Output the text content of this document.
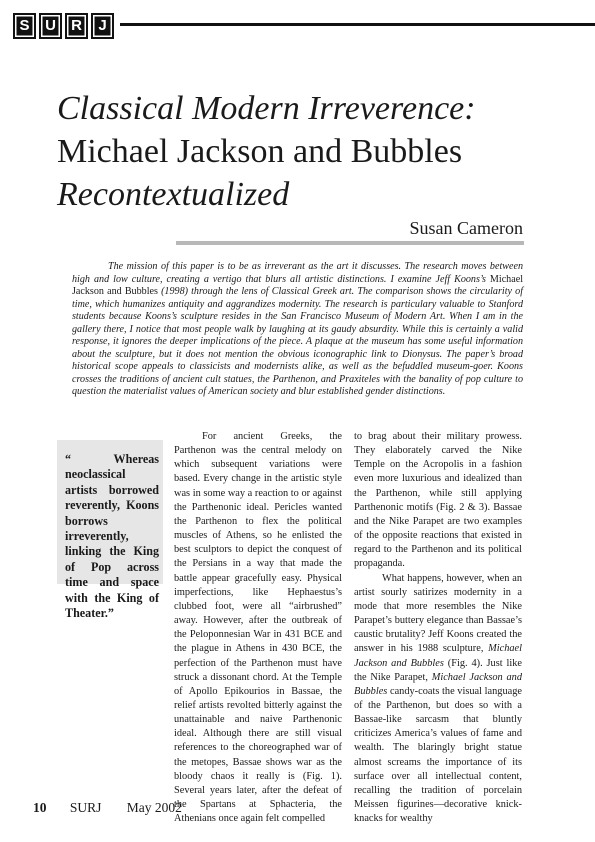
S	U	R	J
Classical Modern Irreverence:
Michael Jackson and Bubbles
Recontextualized
Susan Cameron
The mission of this paper is to be as irreverant as the art it discusses. The research moves between high and low culture, creating a vertigo that blurs all artistic distinctions. I examine Jeff Koons’s Michael Jackson and Bubbles (1998) through the lens of Classical Greek art. The comparison shows the circularity of time, which humanizes antiquity and aggrandizes modernity. The research is particulary valuable to Stanford students because Koons’s sculpture resides in the San Francisco Museum of Modern Art. When I am in the gallery there, I notice that most people walk by laughing at its gaudy absurdity. While this is certainly a valid response, it ignores the deeper implications of the piece. A plaque at the museum has some useful information about the sculpture, but it does not mention the obvious iconographic link to Dionysus. The paper’s broad historical scope appeals to classicists and modernists alike, as well as the befuddled museum-goer. Koons crosses the traditions of ancient cult statues, the Parthenon, and Praxiteles with the banality of pop culture to question the materialist values of American society and blur established gender distinctions.

“ Whereas neoclassical artists borrowed reverently, Koons borrows irreverently, linking the King of Pop across time and space with the King of Theater.”

For ancient Greeks, the Parthenon was the central melody on which subsequent variations were based. Every change in the artistic style was in some way a reaction to or against the Parthenonic ideal. Pericles wanted the Parthenon to flex the political muscles of Athens, so he enlisted the best sculptors to depict the conquest of the Persians in a way that made the battle appear gracefully easy. Physical imperfections, like Hephaestus’s clubbed foot, were all “airbrushed” away. However, after the outbreak of the Peloponnesian War in 431 BCE and the plague in Athens in 430 BCE, the perfection of the Parthenon must have struck a dissonant chord. At the Temple of Apollo Epikourios in Bassae, the relief artists revolted bitterly against the unattainable and naive Parthenonic ideal. Although there are still visual references to the choreographed war of the metopes, Bassae shows war as the bloody chaos it really is (Fig. 1). Several years later, after the defeat of the Spartans at Sphacteria, the Athenians once again felt compelled

to brag about their military prowess. They elaborately carved the Nike Temple on the Acropolis in a fashion even more luxurious and idealized than the Parthenon, while still applying Parthenonic motifs (Fig. 2 & 3). Bassae and the Nike Parapet are two examples of the opposite reactions that existed in regard to the Parthenon and its political propaganda.

What happens, however, when an artist sourly satirizes modernity in a mode that more resembles the Nike Parapet’s buttery elegance than Bassae’s caustic brutality? Jeff Koons created the answer in his 1988 sculpture, Michael Jackson and Bubbles (Fig. 4). Just like the Nike Parapet, Michael Jackson and Bubbles candy-coats the visual language of the Parthenon, but does so with a Bassae-like sarcasm that bluntly criticizes America’s values of fame and wealth. The blaringly bright statue almost screams the importance of its surface over all intellectual content, recalling the tradition of porcelain Meissen figurines—decorative knick-knacks for wealthy

10 SURJ May 2002
